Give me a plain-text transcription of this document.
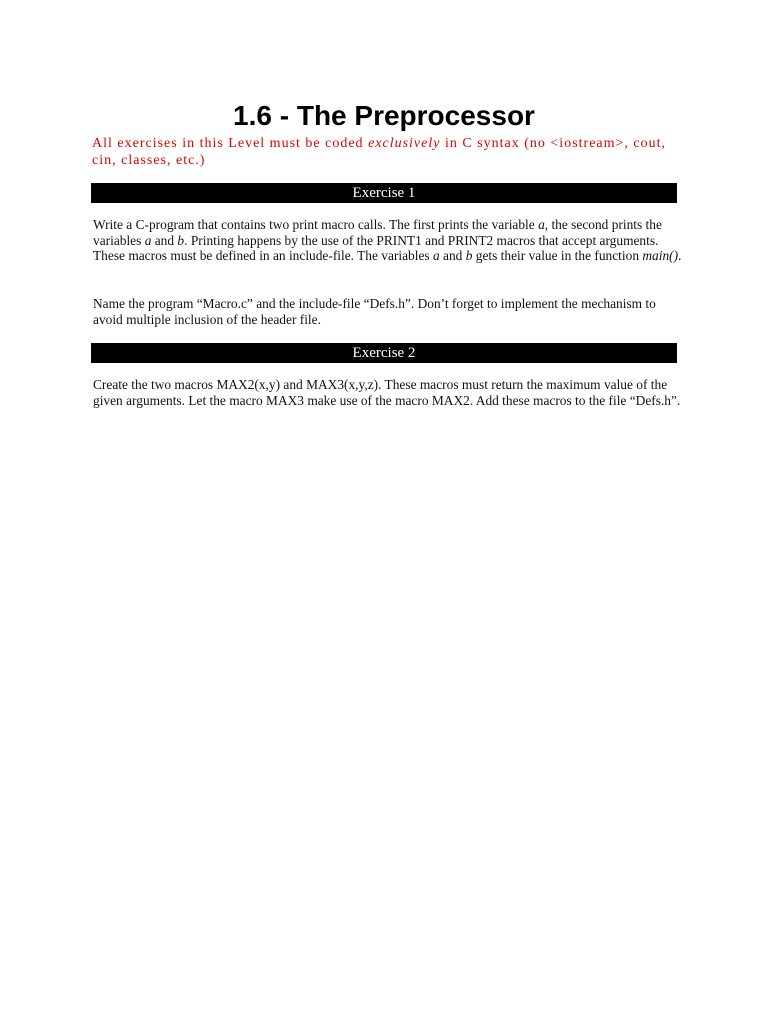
1.6 - The Preprocessor

All exercises in this Level must be coded exclusively in C syntax (no <iostream>, cout, cin, classes, etc.)

Exercise 1

Write a C-program that contains two print macro calls. The first prints the variable a, the second prints the variables a and b. Printing happens by the use of the PRINT1 and PRINT2 macros that accept arguments. These macros must be defined in an include-file. The variables a and b gets their value in the function main().

Name the program “Macro.c” and the include-file “Defs.h”. Don’t forget to implement the mechanism to avoid multiple inclusion of the header file.

Exercise 2

Create the two macros MAX2(x,y) and MAX3(x,y,z). These macros must return the maximum value of the given arguments. Let the macro MAX3 make use of the macro MAX2. Add these macros to the file “Defs.h”.
